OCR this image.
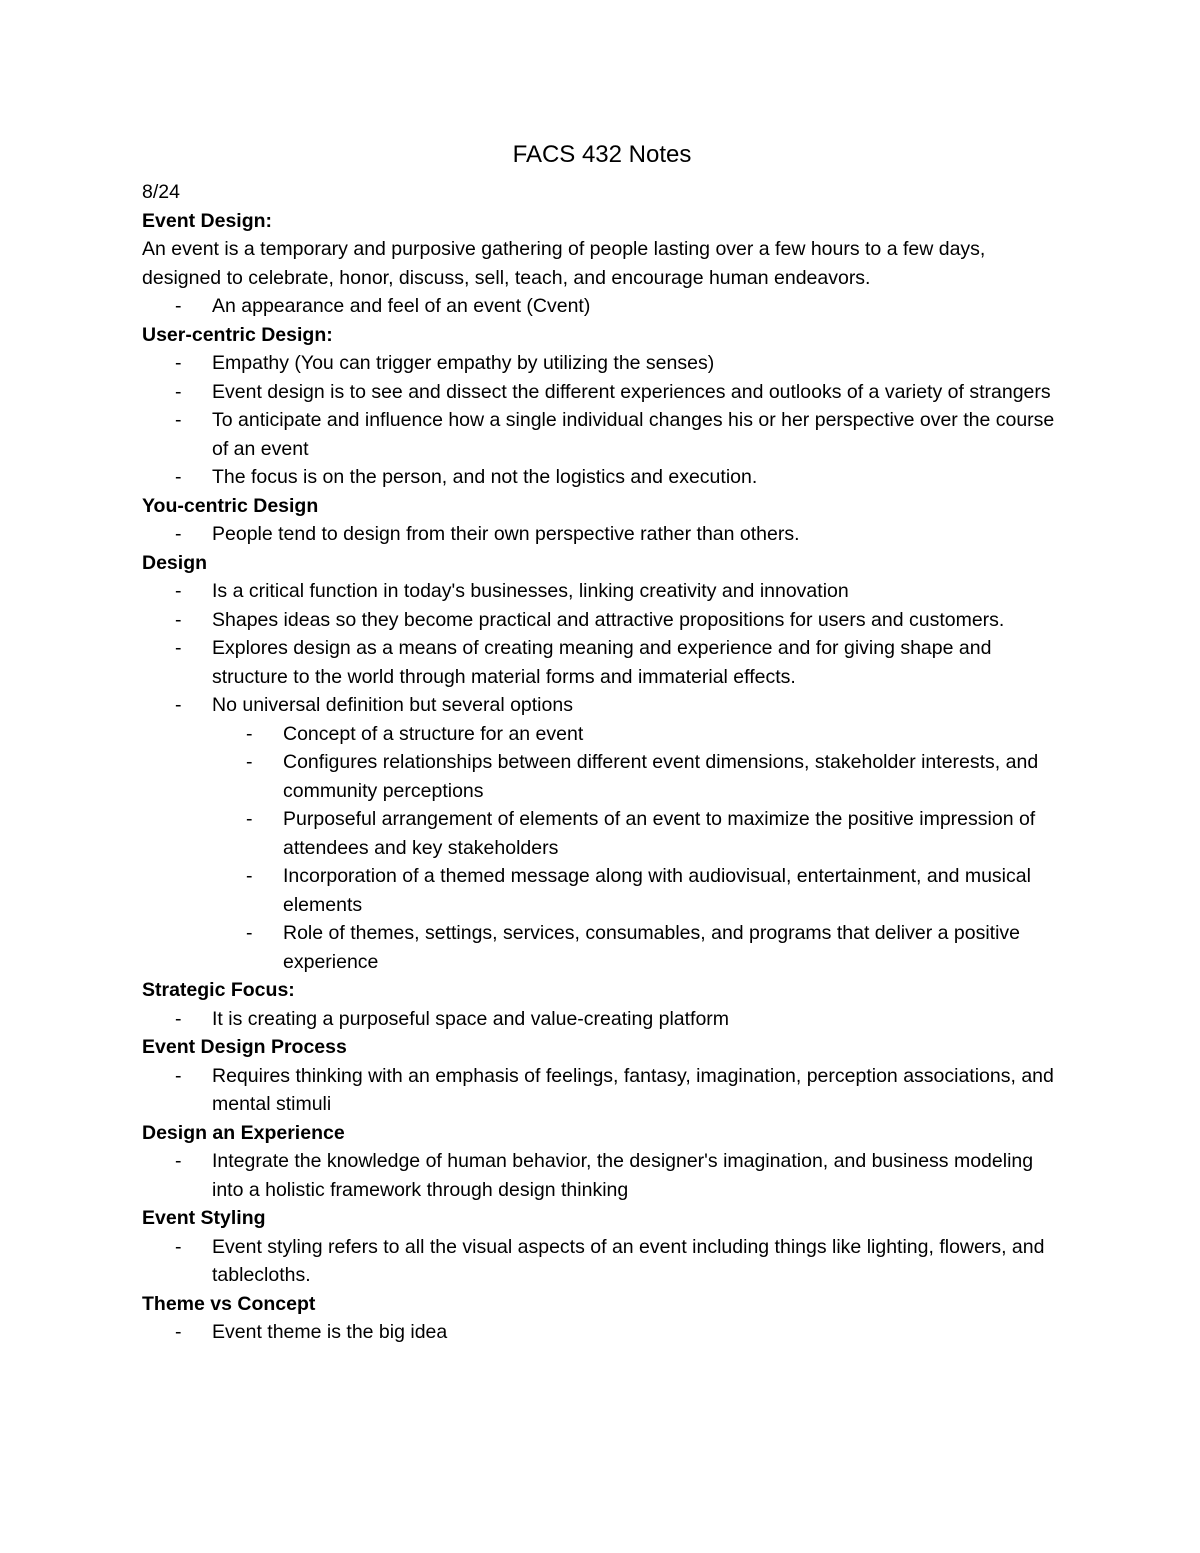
FACS 432 Notes

8/24

Event Design:

An event is a temporary and purposive gathering of people lasting over a few hours to a few days, designed to celebrate, honor, discuss, sell, teach, and encourage human endeavors.

- An appearance and feel of an event (Cvent)

User-centric Design:

- Empathy (You can trigger empathy by utilizing the senses)
- Event design is to see and dissect the different experiences and outlooks of a variety of strangers
- To anticipate and influence how a single individual changes his or her perspective over the course of an event
- The focus is on the person, and not the logistics and execution.

You-centric Design

- People tend to design from their own perspective rather than others.

Design

- Is a critical function in today's businesses, linking creativity and innovation
- Shapes ideas so they become practical and attractive propositions for users and customers.
- Explores design as a means of creating meaning and experience and for giving shape and structure to the world through material forms and immaterial effects.
- No universal definition but several options
- Concept of a structure for an event
- Configures relationships between different event dimensions, stakeholder interests, and community perceptions
- Purposeful arrangement of elements of an event to maximize the positive impression of attendees and key stakeholders
- Incorporation of a themed message along with audiovisual, entertainment, and musical elements
- Role of themes, settings, services, consumables, and programs that deliver a positive experience

Strategic Focus:

- It is creating a purposeful space and value-creating platform

Event Design Process

- Requires thinking with an emphasis of feelings, fantasy, imagination, perception associations, and mental stimuli

Design an Experience

- Integrate the knowledge of human behavior, the designer's imagination, and business modeling into a holistic framework through design thinking

Event Styling

- Event styling refers to all the visual aspects of an event including things like lighting, flowers, and tablecloths.

Theme vs Concept

- Event theme is the big idea
